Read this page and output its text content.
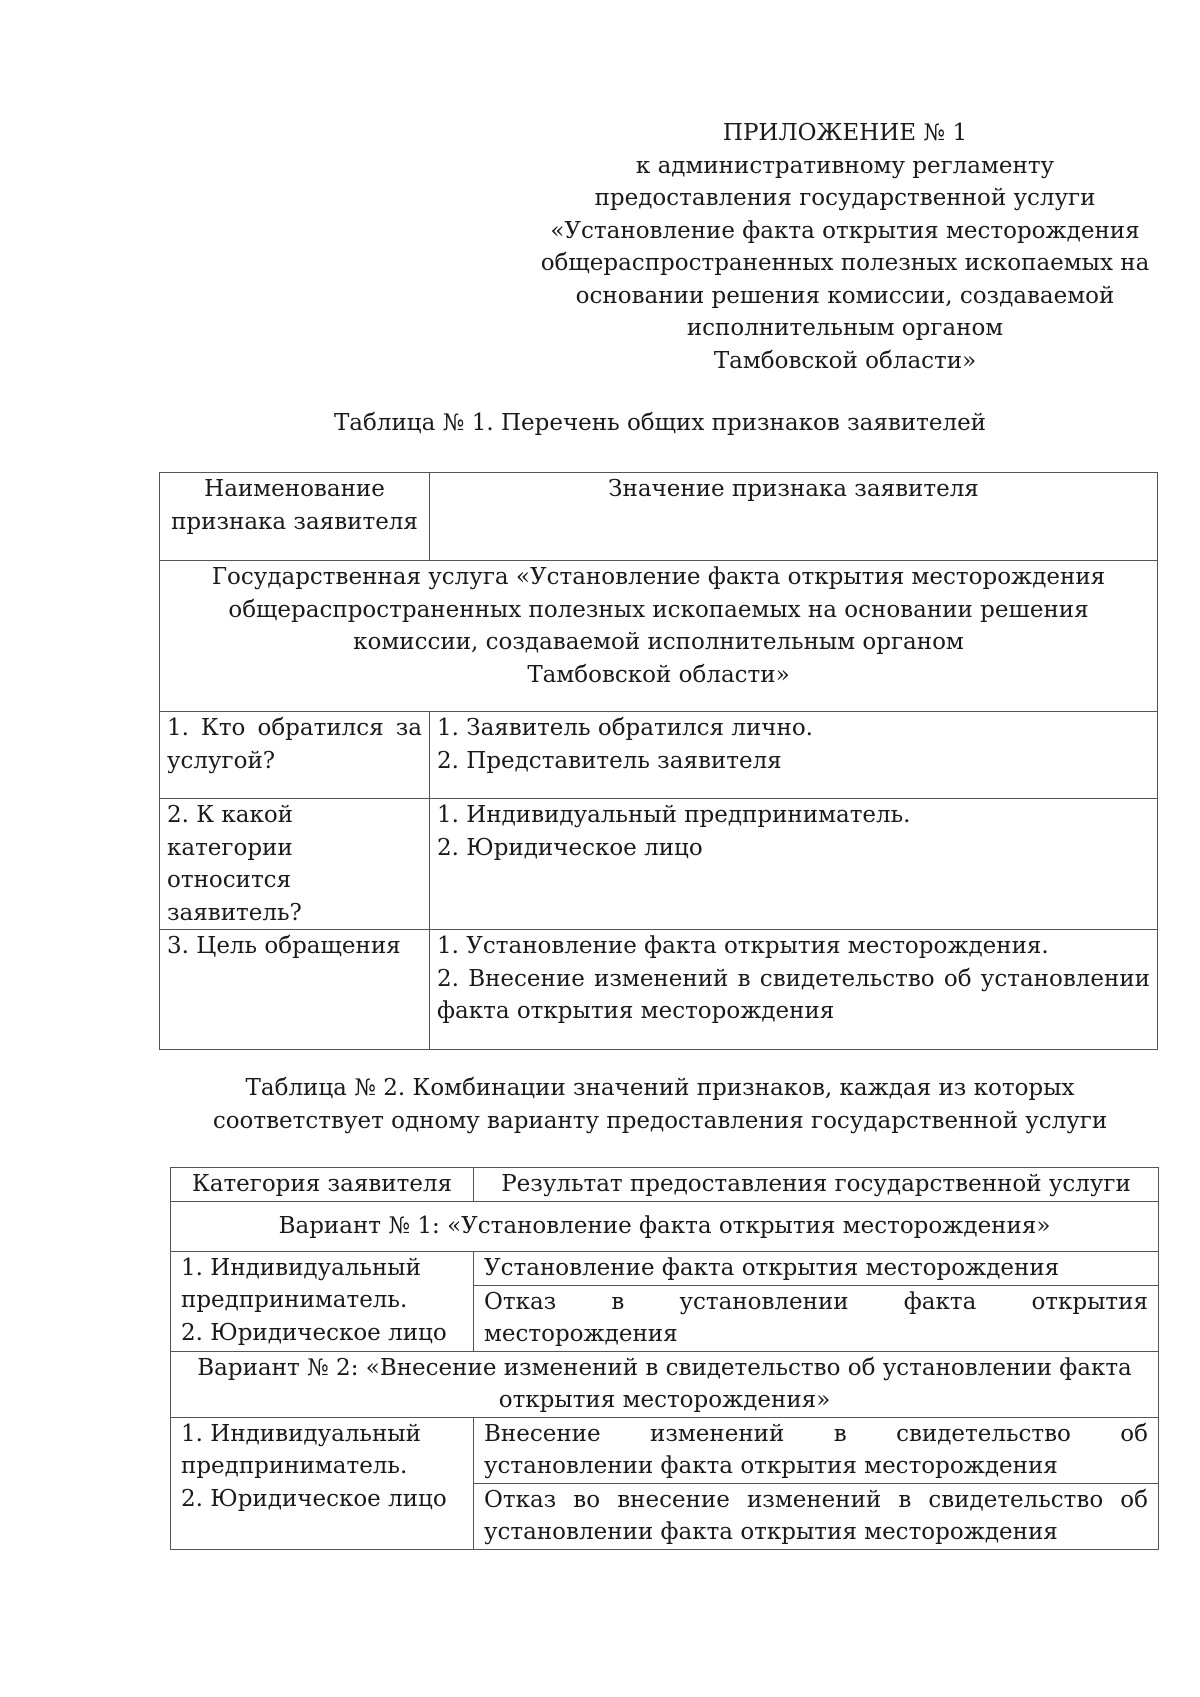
ПРИЛОЖЕНИЕ № 1
к административному регламенту
предоставления государственной услуги
«Установление факта открытия месторождения
общераспространенных полезных ископаемых на
основании решения комиссии, создаваемой
исполнительным органом
Тамбовской области»
Таблица № 1. Перечень общих признаков заявителей
Наименование признака заявителя	Значение признака заявителя

Государственная услуга «Установление факта открытия месторождения общераспространенных полезных ископаемых на основании решения комиссии, создаваемой исполнительным органом
Тамбовской области»	

1. Кто обратился за услугой?	1. Заявитель обратился лично.
2. Представитель заявителя

2. К какой категории относится заявитель?	1. Индивидуальный предприниматель.
2. Юридическое лицо

3. Цель обращения	1. Установление факта открытия месторождения.
2. Внесение изменений в свидетельство об установлении факта открытия месторождения
Таблица № 2. Комбинации значений признаков, каждая из которых соответствует одному варианту предоставления государственной услуги
Категория заявителя	Результат предоставления государственной услуги
Вариант № 1: «Установление факта открытия месторождения»	

1. Индивидуальный предприниматель.
2. Юридическое лицо	Установление факта открытия месторождения
	Отказ в установлении факта открытия месторождения
Вариант № 2: «Внесение изменений в свидетельство об установлении факта открытия месторождения»	

1. Индивидуальный предприниматель.
2. Юридическое лицо	Внесение изменений в свидетельство об установлении факта открытия месторождения
	Отказ во внесение изменений в свидетельство об установлении факта открытия месторождения
